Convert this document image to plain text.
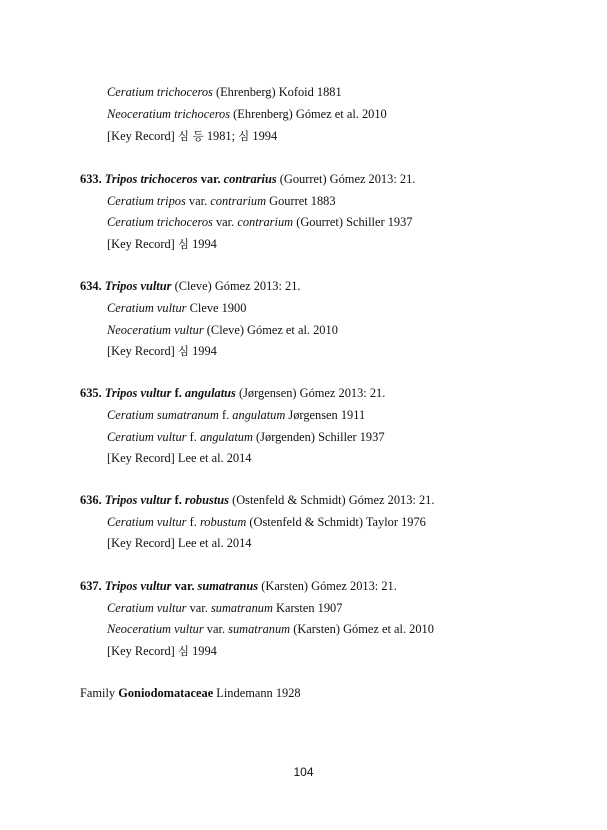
Ceratium trichoceros (Ehrenberg) Kofoid 1881
Neoceratium trichoceros (Ehrenberg) Gómez et al. 2010
[Key Record] 심 등 1981; 심 1994
633. Tripos trichoceros var. contrarius (Gourret) Gómez 2013: 21.
Ceratium tripos var. contrarium Gourret 1883
Ceratium trichoceros var. contrarium (Gourret) Schiller 1937
[Key Record] 심 1994
634. Tripos vultur (Cleve) Gómez 2013: 21.
Ceratium vultur Cleve 1900
Neoceratium vultur (Cleve) Gómez et al. 2010
[Key Record] 심 1994
635. Tripos vultur f. angulatus (Jørgensen) Gómez 2013: 21.
Ceratium sumatranum f. angulatum Jørgensen 1911
Ceratium vultur f. angulatum (Jørgenden) Schiller 1937
[Key Record] Lee et al. 2014
636. Tripos vultur f. robustus (Ostenfeld & Schmidt) Gómez 2013: 21.
Ceratium vultur f. robustum (Ostenfeld & Schmidt) Taylor 1976
[Key Record] Lee et al. 2014
637. Tripos vultur var. sumatranus (Karsten) Gómez 2013: 21.
Ceratium vultur var. sumatranum Karsten 1907
Neoceratium vultur var. sumatranum (Karsten) Gómez et al. 2010
[Key Record] 심 1994
Family Goniodomataceae Lindemann 1928
104
